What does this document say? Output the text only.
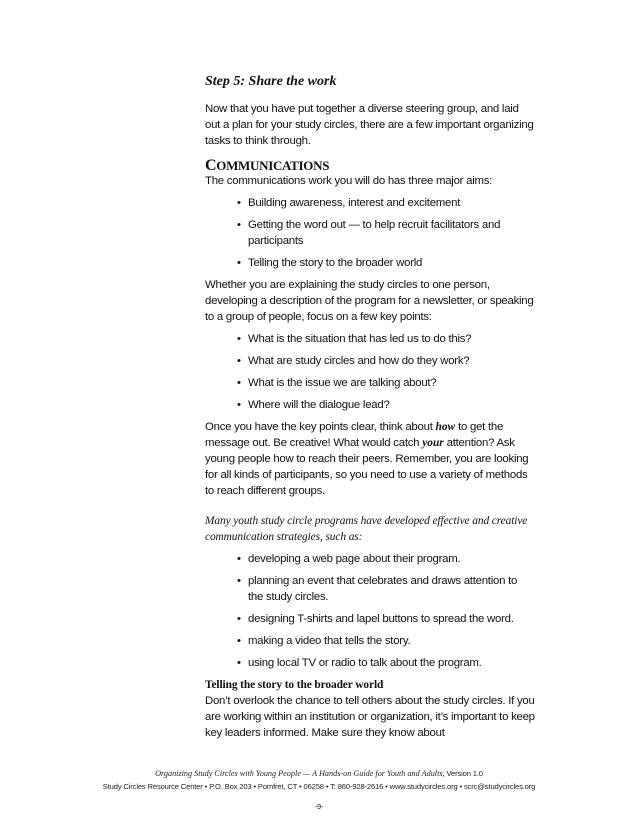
Step 5: Share the work

Now that you have put together a diverse steering group, and laid out a plan for your study circles, there are a few important organizing tasks to think through.

COMMUNICATIONS

The communications work you will do has three major aims:

• Building awareness, interest and excitement
• Getting the word out — to help recruit facilitators and participants
• Telling the story to the broader world

Whether you are explaining the study circles to one person, developing a description of the program for a newsletter, or speaking to a group of people, focus on a few key points:

• What is the situation that has led us to do this?
• What are study circles and how do they work?
• What is the issue we are talking about?
• Where will the dialogue lead?

Once you have the key points clear, think about how to get the message out. Be creative! What would catch your attention? Ask young people how to reach their peers. Remember, you are looking for all kinds of participants, so you need to use a variety of methods to reach different groups.

Many youth study circle programs have developed effective and creative communication strategies, such as:

• developing a web page about their program.
• planning an event that celebrates and draws attention to the study circles.
• designing T-shirts and lapel buttons to spread the word.
• making a video that tells the story.
• using local TV or radio to talk about the program.
Telling the story to the broader world

Don’t overlook the chance to tell others about the study circles. If you are working within an institution or organization, it’s important to keep key leaders informed. Make sure they know about

Organizing Study Circles with Young People — A Hands-on Guide for Youth and Adults, Version 1.0
Study Circles Resource Center • P.O. Box 203 • Pomfret, CT • 06258 • T: 860-928-2616 • www.studycircles.org • scrc@studycircles.org
-9-
